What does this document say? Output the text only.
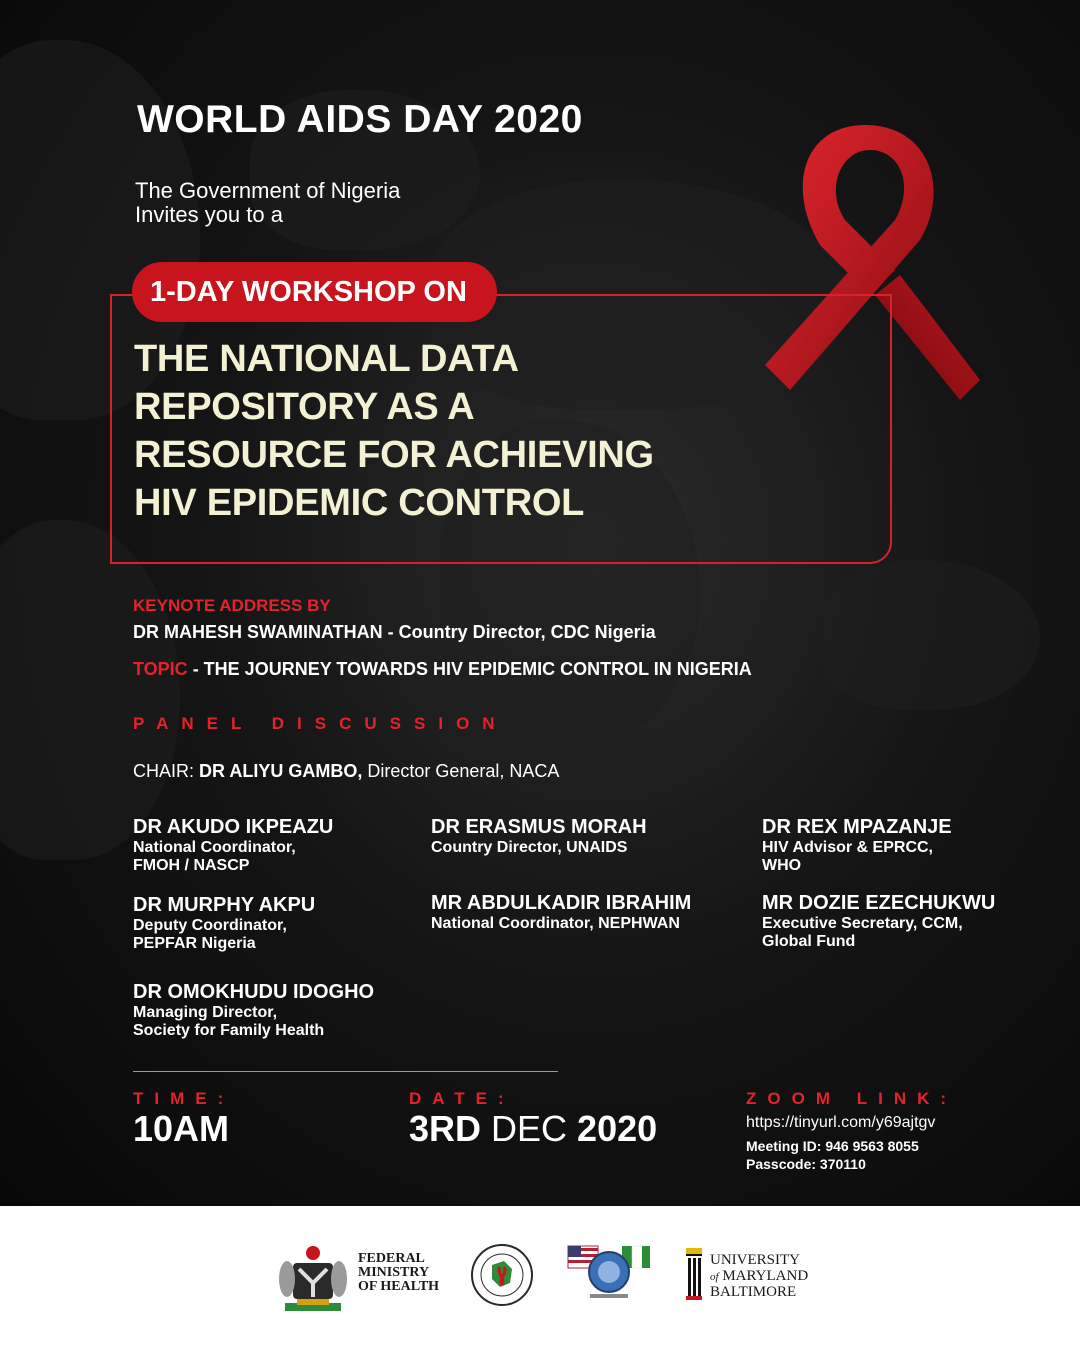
WORLD AIDS DAY 2020

The Government of Nigeria

Invites you to a

1-DAY WORKSHOP ON

THE NATIONAL DATA

REPOSITORY AS A

RESOURCE FOR ACHIEVING

HIV EPIDEMIC CONTROL

KEYNOTE ADDRESS BY

DR MAHESH SWAMINATHAN - Country Director, CDC Nigeria

TOPIC - THE JOURNEY TOWARDS HIV EPIDEMIC CONTROL IN NIGERIA

PANEL DISCUSSION

CHAIR: DR ALIYU GAMBO, Director General, NACA

DR AKUDO IKPEAZU
National Coordinator,
FMOH / NASCP
DR ERASMUS MORAH
Country Director, UNAIDS
DR REX MPAZANJE
HIV Advisor & EPRCC,
WHO
DR MURPHY AKPU
Deputy Coordinator,
PEPFAR Nigeria
MR ABDULKADIR IBRAHIM
National Coordinator, NEPHWAN
MR DOZIE EZECHUKWU
Executive Secretary, CCM,
Global Fund
DR OMOKHUDU IDOGHO
Managing Director,
Society for Family Health

TIME:

10AM

DATE:

3RD DEC 2020

ZOOM LINK:

https://tinyurl.com/y69ajtgv

Meeting ID: 946 9563 8055

Passcode: 370110

FEDERAL

MINISTRY

OF HEALTH

UNIVERSITY

of MARYLAND

BALTIMORE
